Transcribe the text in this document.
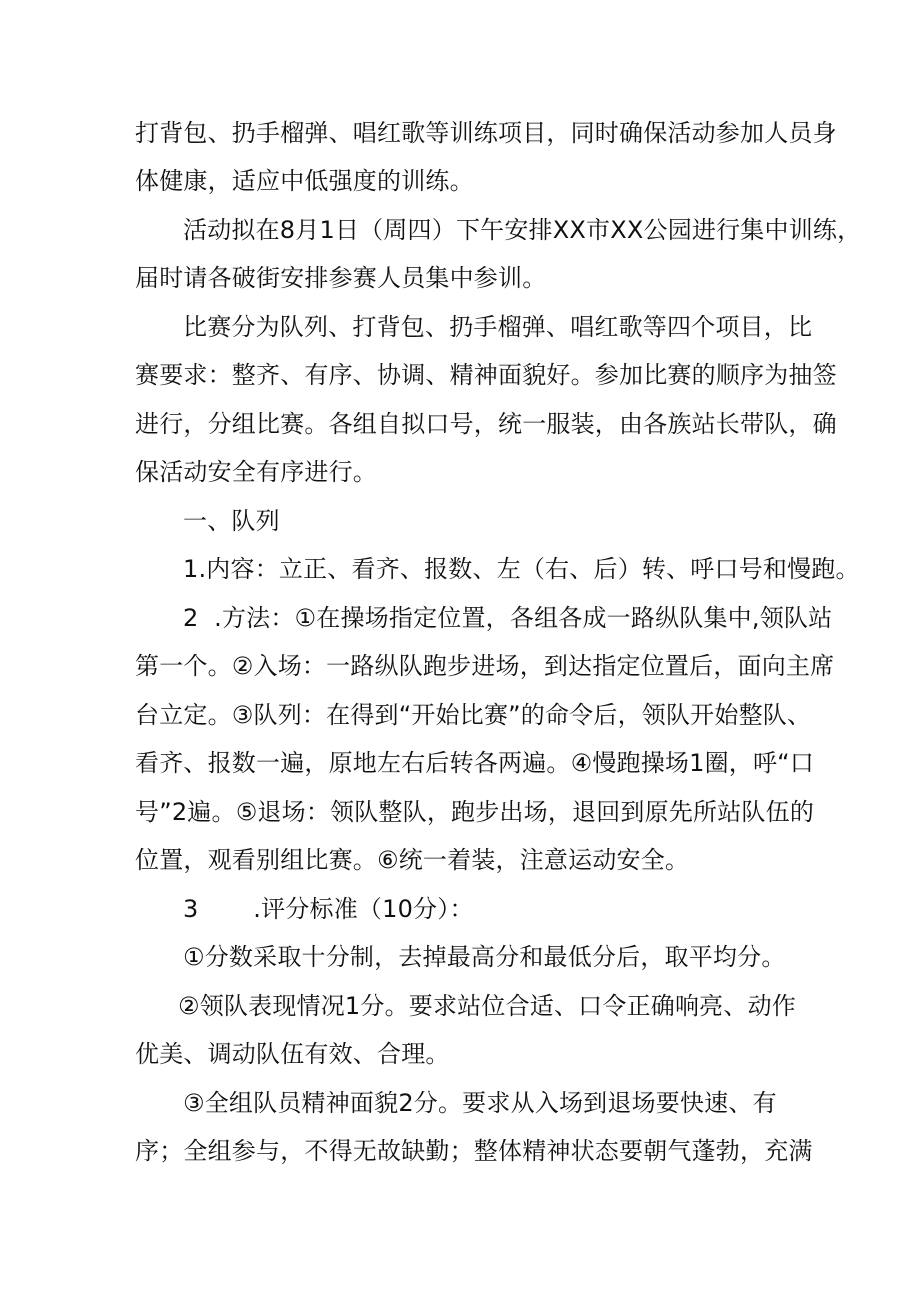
打背包、扔手榴弹、唱红歌等训练项目，同时确保活动参加人员身
体健康，适应中低强度的训练。
活动拟在8月1日（周四）下午安排XX市XX公园进行集中训练，
届时请各破街安排参赛人员集中参训。
比赛分为队列、打背包、扔手榴弹、唱红歌等四个项目，比
赛要求：整齐、有序、协调、精神面貌好。参加比赛的顺序为抽签
进行，分组比赛。各组自拟口号，统一服装，由各族站长带队，确
保活动安全有序进行。
一、队列
1.内容：立正、看齐、报数、左（右、后）转、呼口号和慢跑。
2  .方法：①在操场指定位置，各组各成一路纵队集中,领队站
第一个。②入场：一路纵队跑步进场，到达指定位置后，面向主席
台立定。③队列：在得到“开始比赛”的命令后，领队开始整队、
看齐、报数一遍，原地左右后转各两遍。④慢跑操场1圈，呼“口
号”2遍。⑤退场：领队整队，跑步出场，退回到原先所站队伍的
位置，观看别组比赛。⑥统一着装，注意运动安全。
3       .评分标准（10分）：
①分数采取十分制，去掉最高分和最低分后，取平均分。
②领队表现情况1分。要求站位合适、口令正确响亮、动作
优美、调动队伍有效、合理。
③全组队员精神面貌2分。要求从入场到退场要快速、有
序；全组参与，不得无故缺勤；整体精神状态要朝气蓬勃，充满
